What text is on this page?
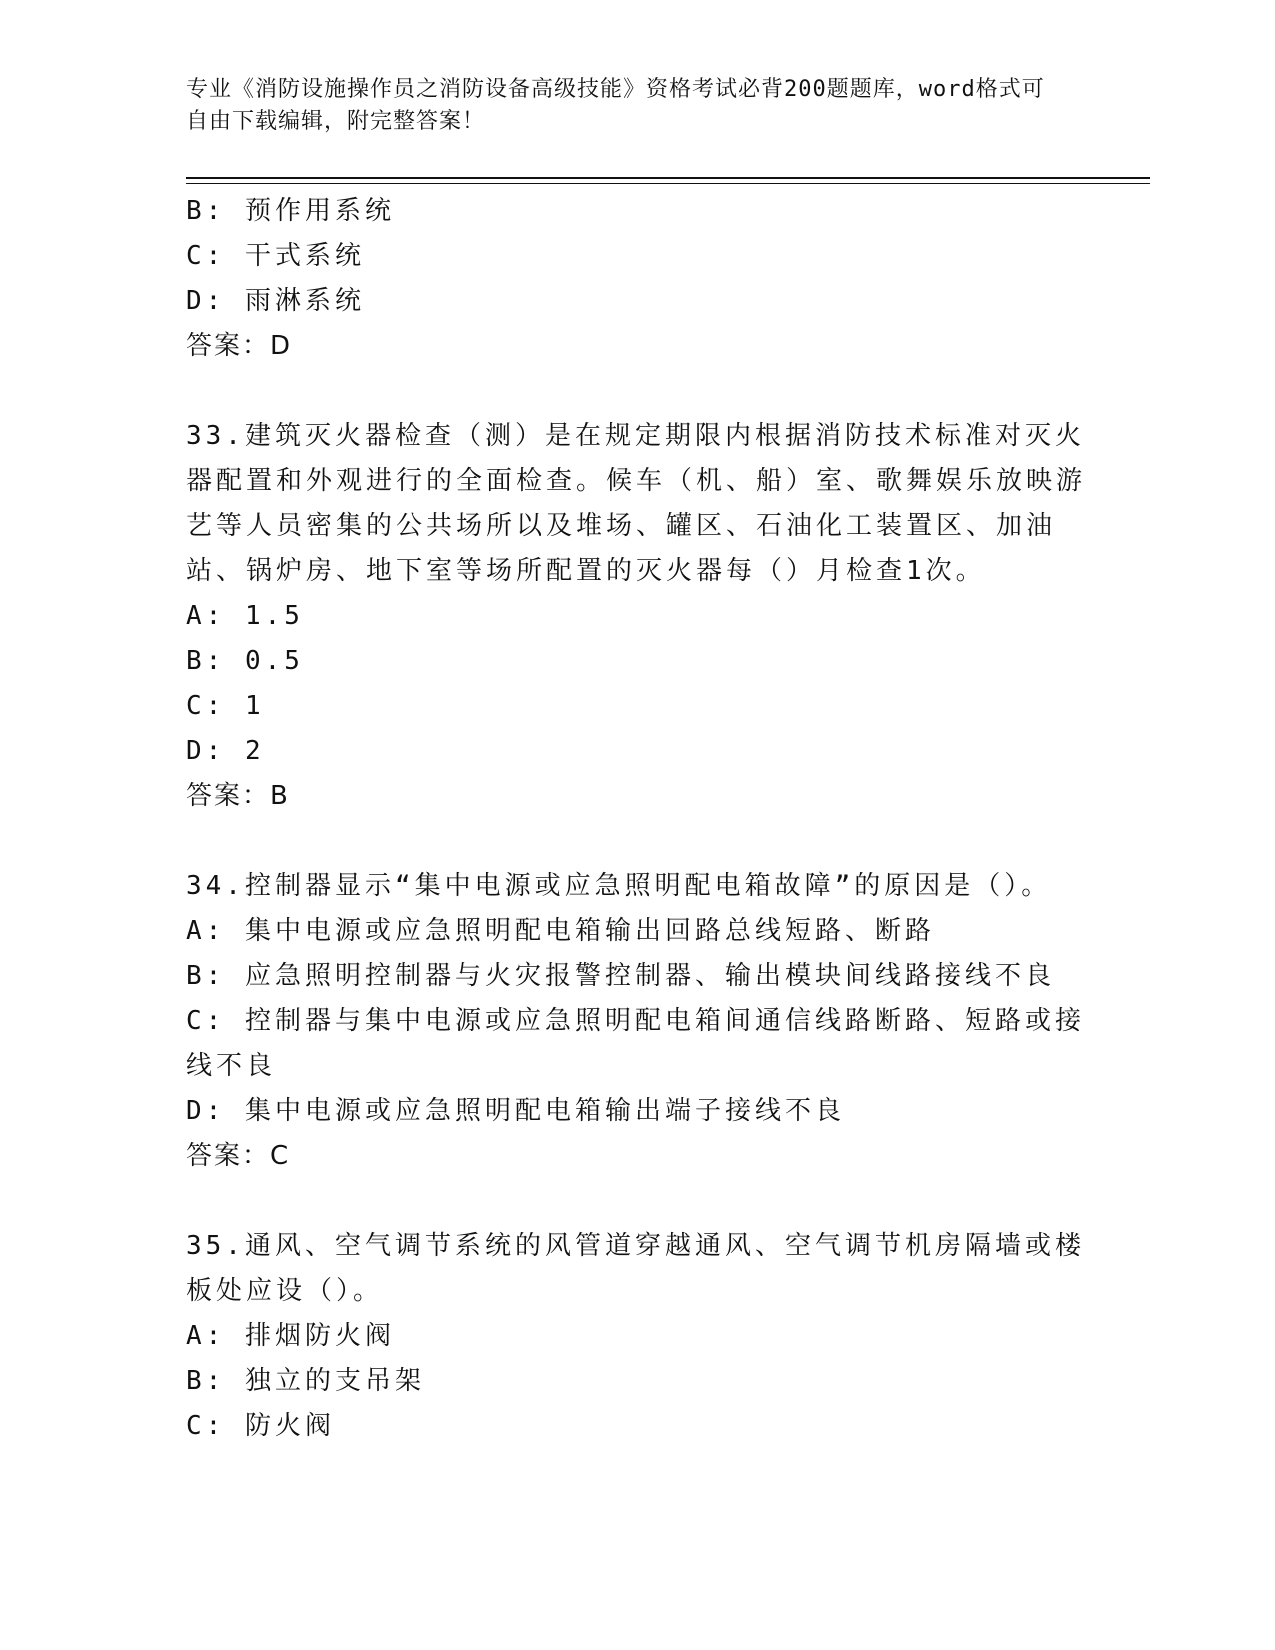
专业《消防设施操作员之消防设备高级技能》资格考试必背200题题库，word格式可自由下载编辑，附完整答案！

B: 预作用系统

C: 干式系统

D: 雨淋系统

答案：D

33.建筑灭火器检查（测）是在规定期限内根据消防技术标准对灭火器配置和外观进行的全面检查。候车（机、船）室、歌舞娱乐放映游艺等人员密集的公共场所以及堆场、罐区、石油化工装置区、加油站、锅炉房、地下室等场所配置的灭火器每（）月检查1次。

A: 1.5

B: 0.5

C: 1

D: 2

答案：B

34.控制器显示“集中电源或应急照明配电箱故障”的原因是（）。

A: 集中电源或应急照明配电箱输出回路总线短路、断路

B: 应急照明控制器与火灾报警控制器、输出模块间线路接线不良

C: 控制器与集中电源或应急照明配电箱间通信线路断路、短路或接线不良

D: 集中电源或应急照明配电箱输出端子接线不良

答案：C

35.通风、空气调节系统的风管道穿越通风、空气调节机房隔墙或楼板处应设（）。

A: 排烟防火阀

B: 独立的支吊架

C: 防火阀
